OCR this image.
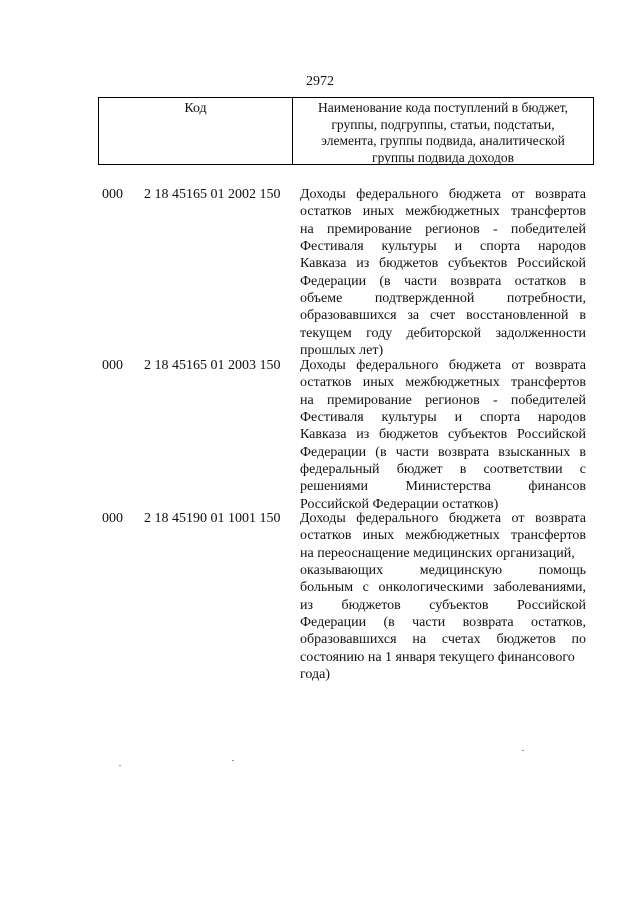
2972
Код	Наименование кода поступлений в бюджет,
группы, подгруппы, статьи, подстатьи,
элемента, группы подвида, аналитической
группы подвида доходов
000 2 18 45165 01 2002 150 Доходы федерального бюджета от возврата
остатков иных межбюджетных трансфертов
на премирование регионов - победителей
Фестиваля культуры и спорта народов
Кавказа из бюджетов субъектов Российской
Федерации (в части возврата остатков в
объеме подтвержденной потребности,
образовавшихся за счет восстановленной в
текущем году дебиторской задолженности
прошлых лет)
000 2 18 45165 01 2003 150 Доходы федерального бюджета от возврата
остатков иных межбюджетных трансфертов
на премирование регионов - победителей
Фестиваля культуры и спорта народов
Кавказа из бюджетов субъектов Российской
Федерации (в части возврата взысканных в
федеральный бюджет в соответствии с
решениями Министерства финансов
Российской Федерации остатков)
000 2 18 45190 01 1001 150 Доходы федерального бюджета от возврата
остатков иных межбюджетных трансфертов
на переоснащение медицинских организаций,
оказывающих медицинскую помощь
больным с онкологическими заболеваниями,
из бюджетов субъектов Российской
Федерации (в части возврата остатков,
образовавшихся на счетах бюджетов по
состоянию на 1 января текущего финансового
года)
